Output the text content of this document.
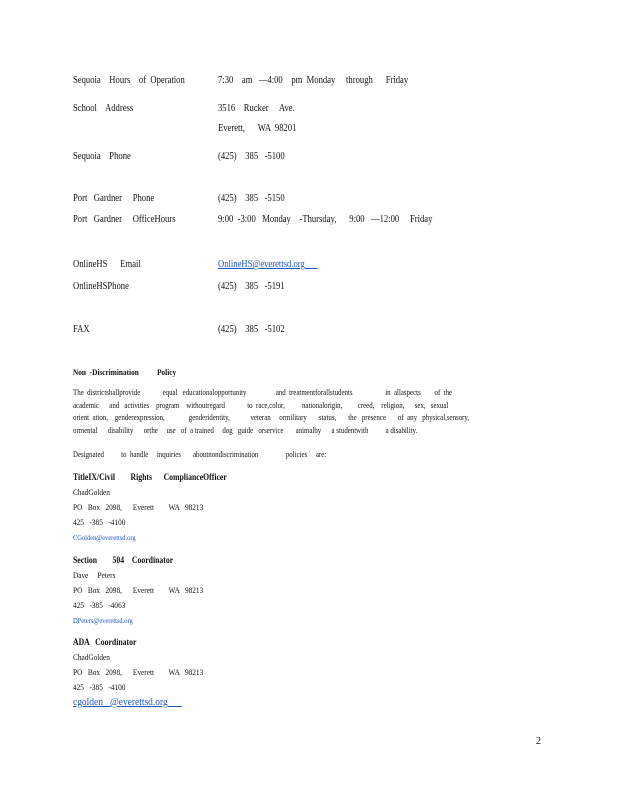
Sequoia    Hours    of  Operation

	7:30    am   —4:00    pm  Monday     through      Friday

School    Address

	3516    Rucker     Ave.

Everett,      WA  98201

Sequoia    Phone

	(425)    385   -5100

Port   Gardner     Phone

	(425)    385   -5150

Port   Gardner     OfficeHours

	9:00  -3:00   Monday    -Thursday,      9:00   —12:00     Friday

OnlineHS      Email

	OnlineHS@everettsd.org

OnlineHSPhone

	(425)    385   -5191

FAX

	(425)    385   -5102

Non  -Discrimination          Policy
The  districtshallprovide             equal   educationalopportunity                 and  treatmentforallstudents                   in  allaspects        of  the
academic      and   activities    program    withoutregard             to  race,color,          nationalorigin,         creed,    religion,      sex,   sexual
orient  ation,    genderexpression,              genderidentity,            veteran     ormilitary       status,       the   presence       of  any   physical,sensory,
ormental      disability      orthe     use   of  a trained     dog   guide   orservice       animalby      a studentwith          a disability.
Designated          to  handle     inquiries       aboutnondiscrimination                policies     are:
TitleIX/Civil        Rights      ComplianceOfficer
ChadGolden
PO   Box   2098,      Everett        WA   98213
425   -385   -4100
CGolden@everettsd.org
Section        504    Coordinator
Dave     Peters
PO   Box   2098,      Everett        WA   98213
425   -385   -4063
DPeters@everettsd.org
ADA   Coordinator
ChadGolden
PO   Box   2098,      Everett        WA   98213
425   -385   -4100
cgolden   @everettsd.org
2
